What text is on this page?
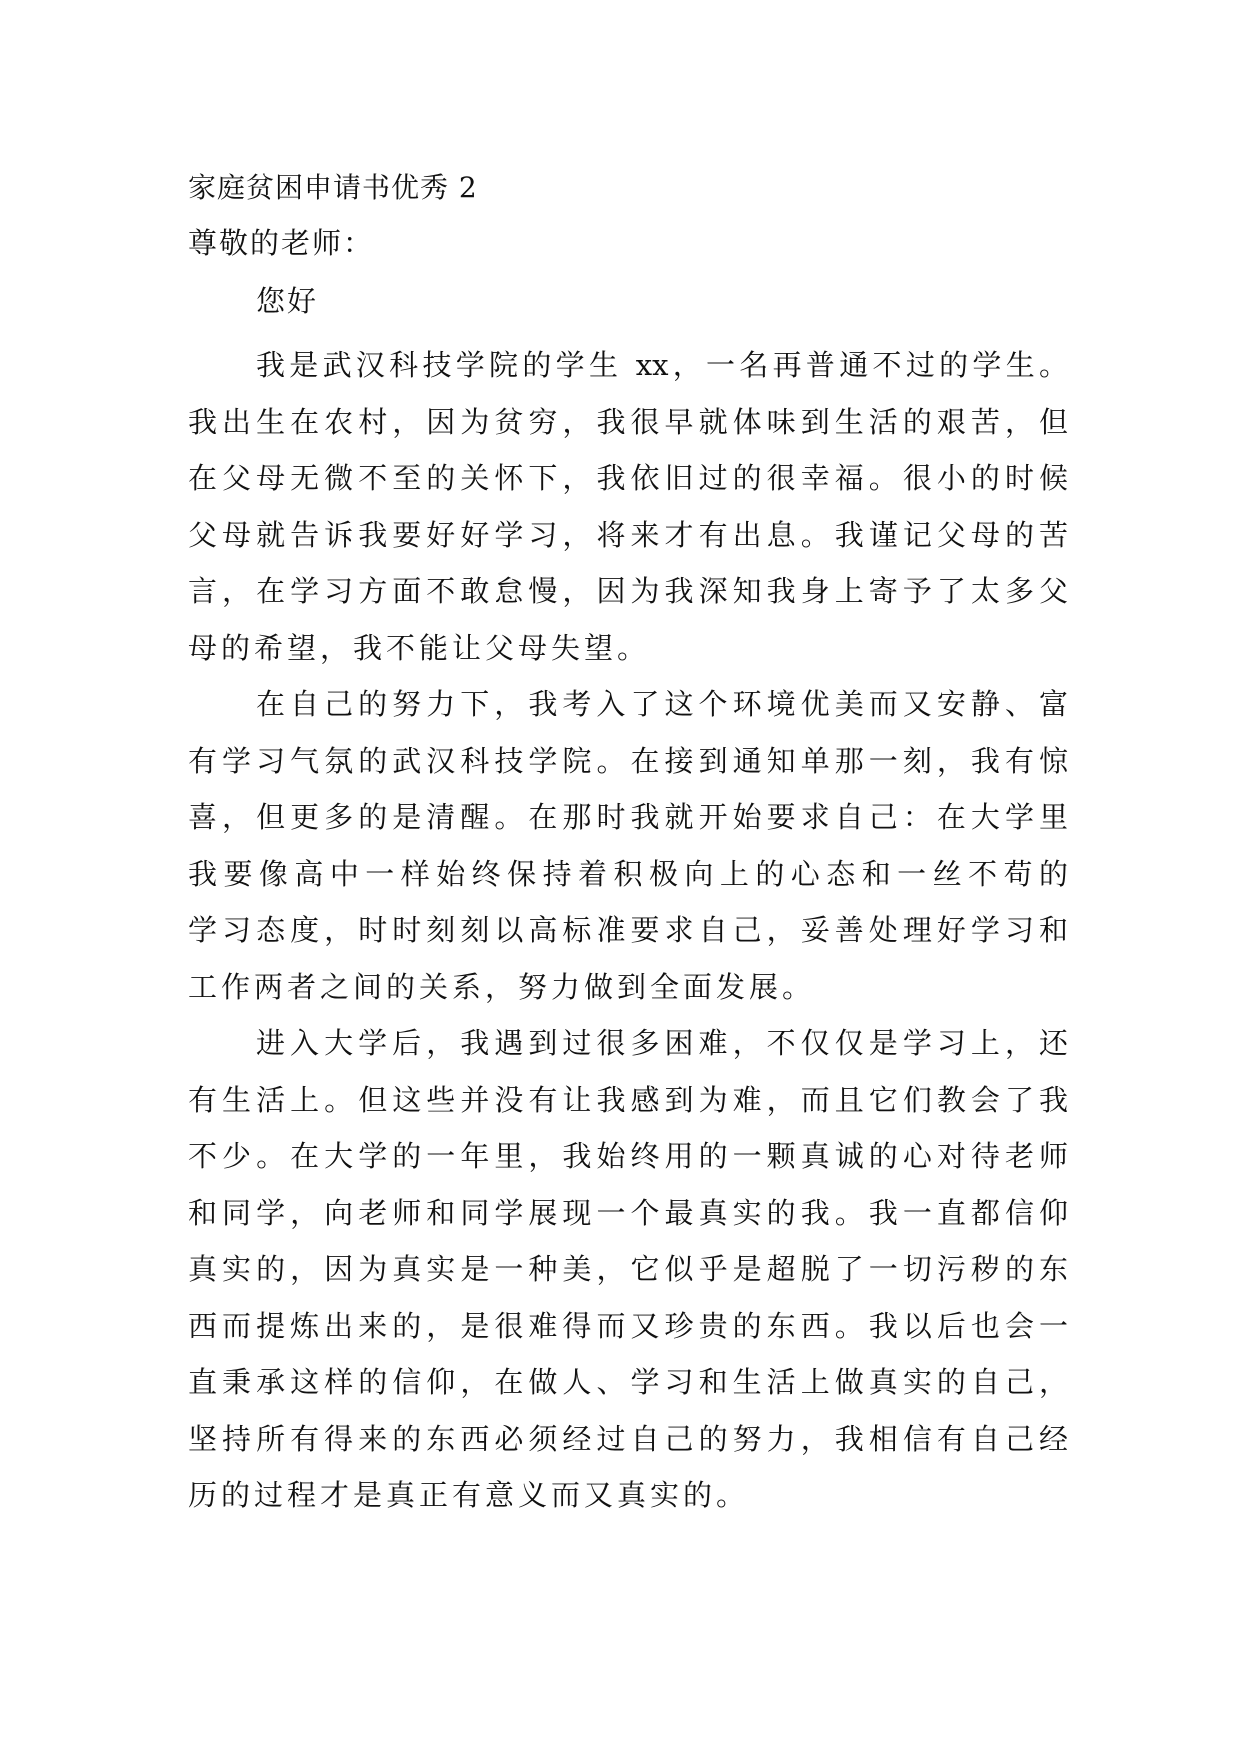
家庭贫困申请书优秀 2
尊敬的老师：
您好
我是武汉科技学院的学生 xx，一名再普通不过的学生。
我出生在农村，因为贫穷，我很早就体味到生活的艰苦，但
在父母无微不至的关怀下，我依旧过的很幸福。很小的时候
父母就告诉我要好好学习，将来才有出息。我谨记父母的苦
言，在学习方面不敢怠慢，因为我深知我身上寄予了太多父
母的希望，我不能让父母失望。
在自己的努力下，我考入了这个环境优美而又安静、富
有学习气氛的武汉科技学院。在接到通知单那一刻，我有惊
喜，但更多的是清醒。在那时我就开始要求自己：在大学里
我要像高中一样始终保持着积极向上的心态和一丝不苟的
学习态度，时时刻刻以高标准要求自己，妥善处理好学习和
工作两者之间的关系，努力做到全面发展。
进入大学后，我遇到过很多困难，不仅仅是学习上，还
有生活上。但这些并没有让我感到为难，而且它们教会了我
不少。在大学的一年里，我始终用的一颗真诚的心对待老师
和同学，向老师和同学展现一个最真实的我。我一直都信仰
真实的，因为真实是一种美，它似乎是超脱了一切污秽的东
西而提炼出来的，是很难得而又珍贵的东西。我以后也会一
直秉承这样的信仰，在做人、学习和生活上做真实的自己，
坚持所有得来的东西必须经过自己的努力，我相信有自己经
历的过程才是真正有意义而又真实的。
